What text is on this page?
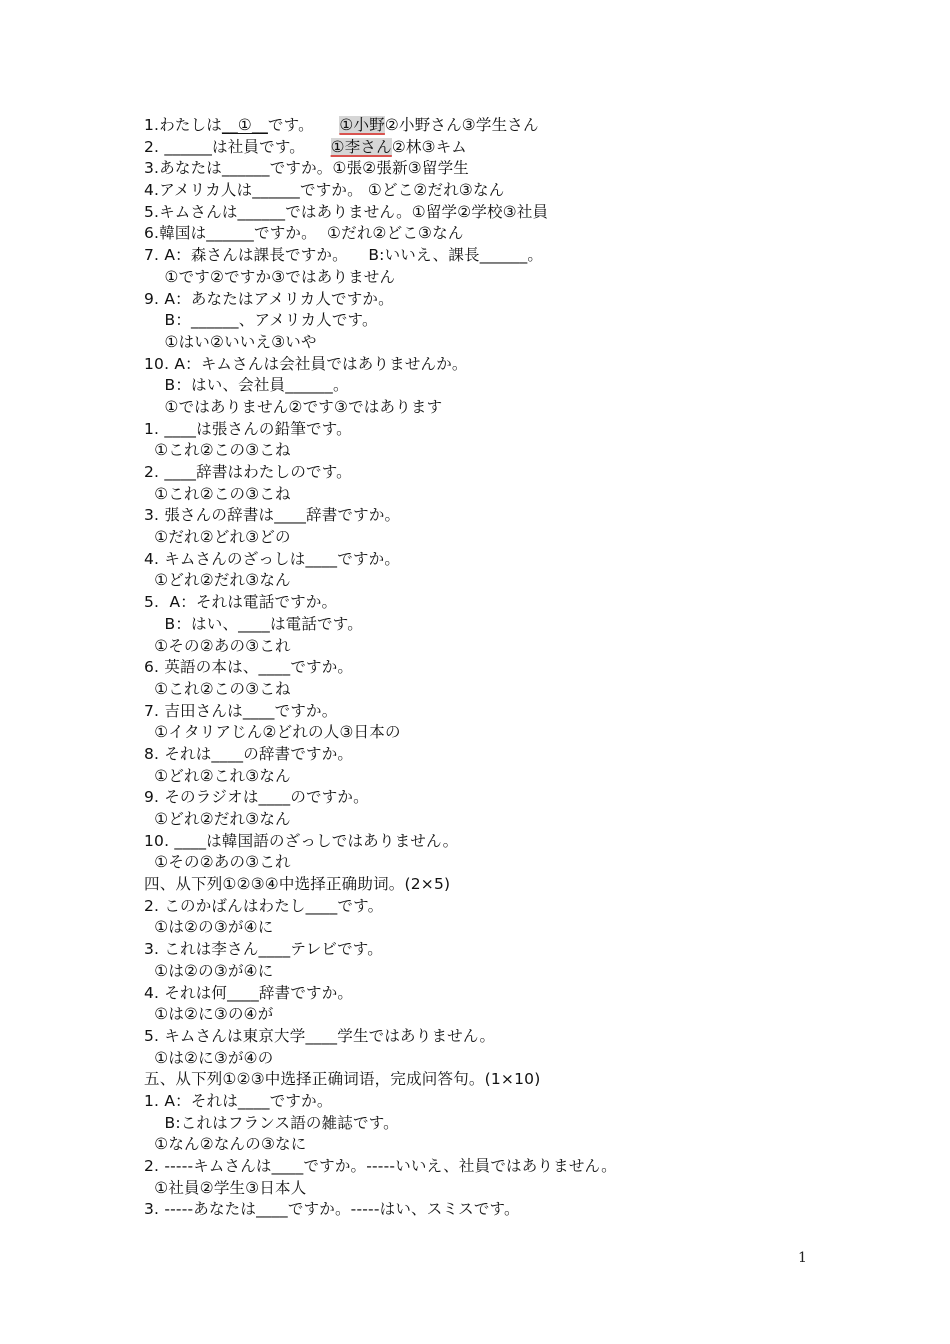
1.わたしは__①__です。     ①小野②小野さん③学生さん
2. ______は社員です。     ①李さん②林③キム
3.あなたは______ですか。①張②張新③留学生
4.アメリカ人は______ですか。 ①どこ②だれ③なん
5.キムさんは______ではありません。①留学②学校③社員
6.韓国は______ですか。  ①だれ②どこ③なん
7. A：森さんは課長ですか。    B:いいえ、課長______。
①です②ですか③ではありません
9. A：あなたはアメリカ人ですか。
B：______、アメリカ人です。
①はい②いいえ③いや
10. A：キムさんは会社員ではありませんか。
B：はい、会社員______。
①ではありません②です③ではあります
1. ____は張さんの鉛筆です。
①これ②この③こね
2. ____辞書はわたしのです。
①これ②この③こね
3. 張さんの辞書は____辞書ですか。
①だれ②どれ③どの
4. キムさんのざっしは____ですか。
①どれ②だれ③なん
5.  A：それは電話ですか。
B：はい、____は電話です。
①その②あの③これ
6. 英語の本は、____ですか。
①これ②この③こね
7. 吉田さんは____ですか。
①イタリアじん②どれの人③日本の
8. それは____の辞書ですか。
①どれ②これ③なん
9. そのラジオは____のですか。
①どれ②だれ③なん
10. ____は韓国語のざっしではありません。
①その②あの③これ
四、从下列①②③④中选择正确助词。(2×5)
2. このかばんはわたし____です。
①は②の③が④に
3. これは李さん____テレビです。
①は②の③が④に
4. それは何____辞書ですか。
①は②に③の④が
5. キムさんは東京大学____学生ではありません。
①は②に③が④の
五、从下列①②③中选择正确词语，完成问答句。(1×10)
1. A：それは____ですか。
B:これはフランス語の雑誌です。
①なん②なんの③なに
2. -----キムさんは____ですか。-----いいえ、社員ではありません。
①社員②学生③日本人
3. -----あなたは____ですか。-----はい、スミスです。
1
